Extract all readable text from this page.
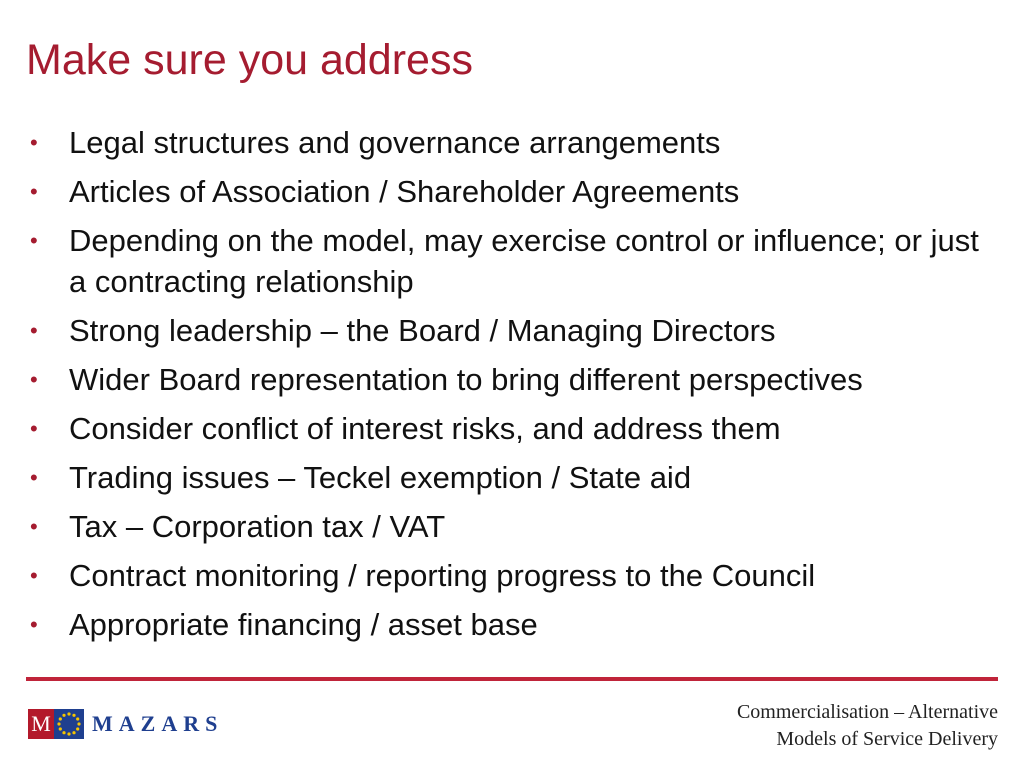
Make sure you address
• Legal structures and governance arrangements
• Articles of Association / Shareholder Agreements
• Depending on the model, may exercise control or influence; or just a contracting relationship
• Strong leadership – the Board / Managing Directors
• Wider Board representation to bring different perspectives
• Consider conflict of interest risks, and address them
• Trading issues – Teckel exemption / State aid
• Tax – Corporation tax / VAT
• Contract monitoring / reporting progress to the Council
• Appropriate financing / asset base
M MAZARS	Commercialisation – Alternative
Models of Service Delivery
